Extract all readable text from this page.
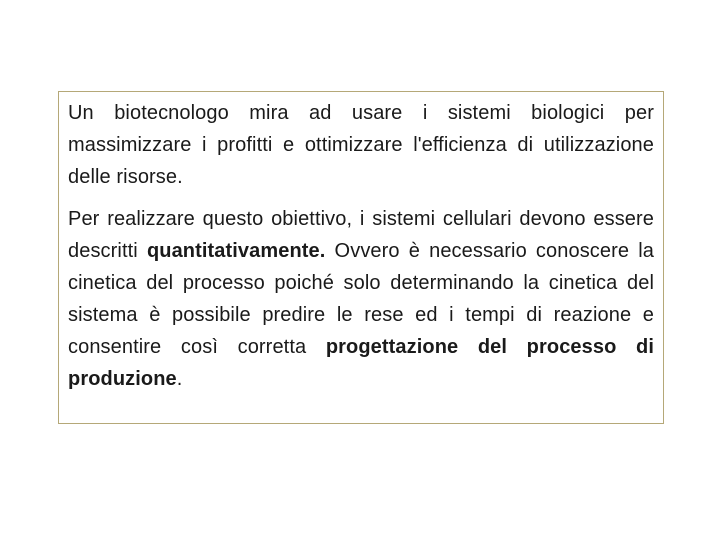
Un biotecnologo mira ad usare i sistemi biologici per massimizzare i profitti e ottimizzare l'efficienza di utilizzazione delle risorse.

Per realizzare questo obiettivo, i sistemi cellulari devono essere descritti quantitativamente. Ovvero è necessario conoscere la cinetica del processo poiché solo determinando la cinetica del sistema è possibile predire le rese ed i tempi di reazione e consentire così corretta progettazione del processo di produzione.
